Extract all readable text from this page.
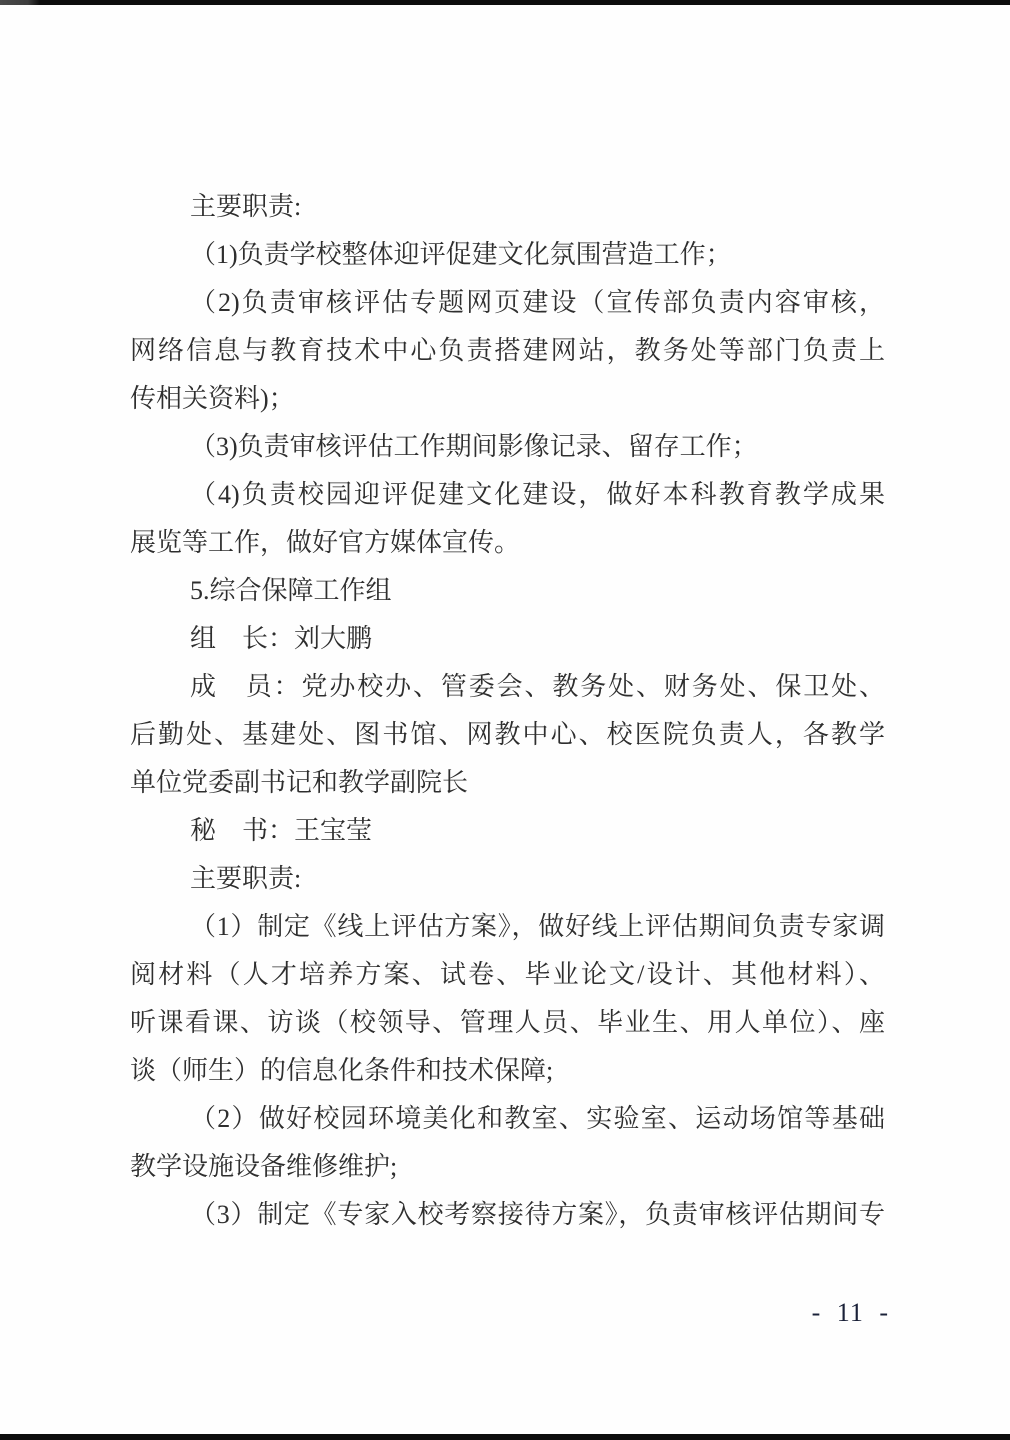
主要职责:
（1)负责学校整体迎评促建文化氛围营造工作；
（2)负责审核评估专题网页建设（宣传部负责内容审核，
网络信息与教育技术中心负责搭建网站，教务处等部门负责上
传相关资料)；
（3)负责审核评估工作期间影像记录、留存工作；
（4)负责校园迎评促建文化建设，做好本科教育教学成果
展览等工作，做好官方媒体宣传。
5.综合保障工作组
组　长：刘大鹏
成　员：党办校办、管委会、教务处、财务处、保卫处、
后勤处、基建处、图书馆、网教中心、校医院负责人，各教学
单位党委副书记和教学副院长
秘　书：王宝莹
主要职责:
（1）制定《线上评估方案》，做好线上评估期间负责专家调
阅材料（人才培养方案、试卷、毕业论文/设计、其他材料）、
听课看课、访谈（校领导、管理人员、毕业生、用人单位）、座
谈（师生）的信息化条件和技术保障;
（2）做好校园环境美化和教室、实验室、运动场馆等基础
教学设施设备维修维护;
（3）制定《专家入校考察接待方案》，负责审核评估期间专
- 11 -
